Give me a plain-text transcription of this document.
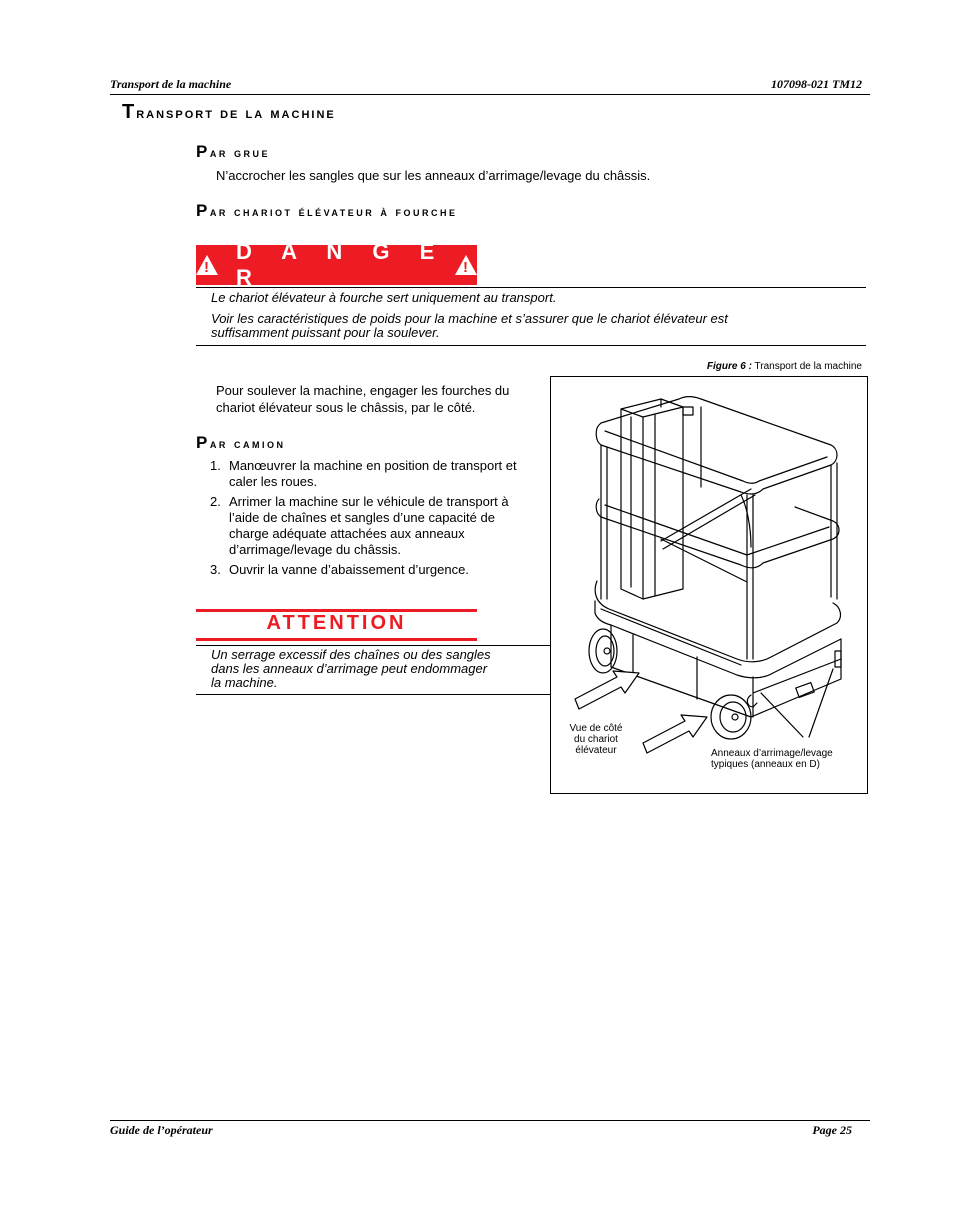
Transport de la machine	107098-021 TM12
Transport de la machine
Par grue
N’accrocher les sangles que sur les anneaux d’arrimage/levage du châssis.
Par chariot élévateur à fourche
!
D A N G E R	!
Le chariot élévateur à fourche sert uniquement au transport.
Voir les caractéristiques de poids pour la machine et s’assurer que le chariot élévateur est
suffisamment puissant pour la soulever.
Pour soulever la machine, engager les fourches du
chariot élévateur sous le châssis, par le côté.
Par camion
1. Manœuvrer la machine en position de transport et
caler les roues.
2. Arrimer la machine sur le véhicule de transport à
l’aide de chaînes et sangles d’une capacité de
charge adéquate attachées aux anneaux
d’arrimage/levage du châssis.
3. Ouvrir la vanne d’abaissement d’urgence.
ATTENTION
Un serrage excessif des chaînes ou des sangles
dans les anneaux d’arrimage peut endommager
la machine.
Figure 6 : Transport de la machine
Vue de côté
du chariot
élévateur	Anneaux d’arrimage/levage
typiques (anneaux en D)
Guide de l’opérateur	Page 25
